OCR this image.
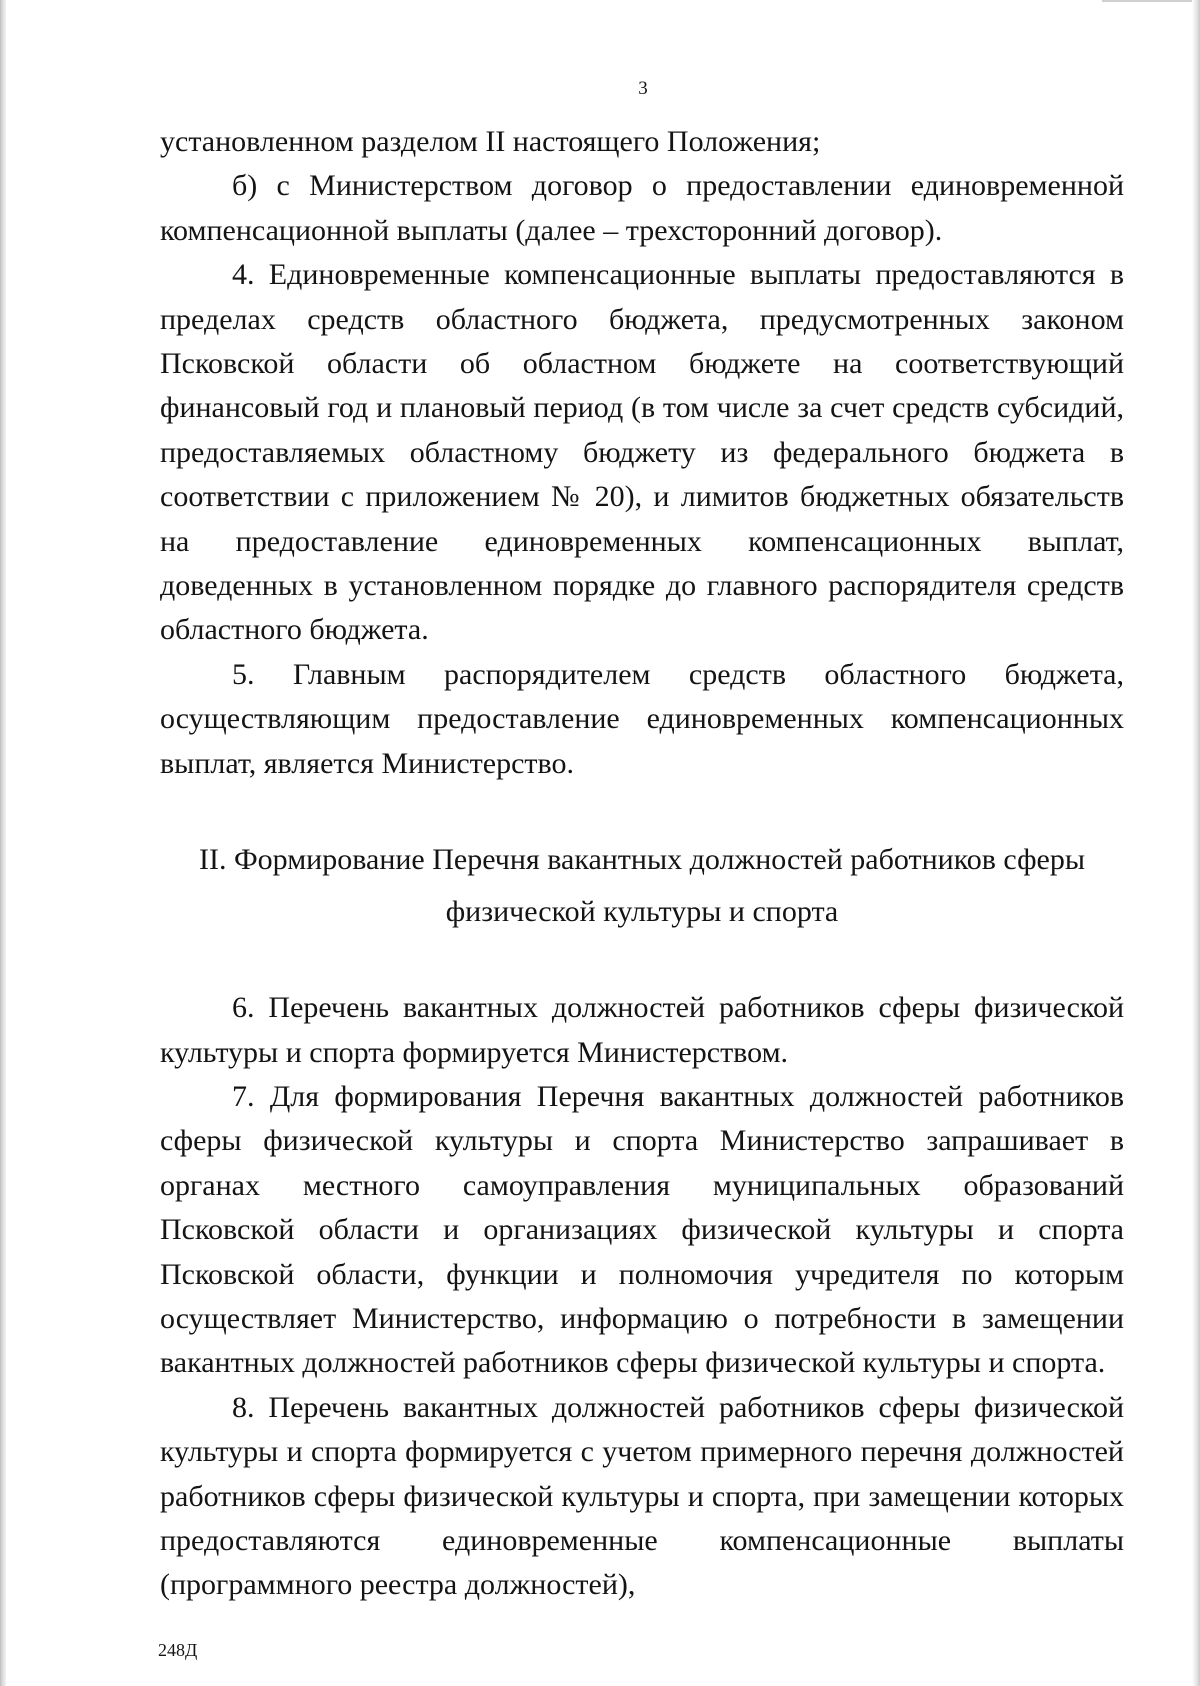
3

установленном разделом II настоящего Положения;

б) с Министерством договор о предоставлении единовременной компенсационной выплаты (далее – трехсторонний договор).

4. Единовременные компенсационные выплаты предоставляются в пределах средств областного бюджета, предусмотренных законом Псковской области об областном бюджете на соответствующий финансовый год и плановый период (в том числе за счет средств субсидий, предоставляемых областному бюджету из федерального бюджета в соответствии с приложением № 20), и лимитов бюджетных обязательств на предоставление единовременных компенсационных выплат, доведенных в установленном порядке до главного распорядителя средств областного бюджета.

5. Главным распорядителем средств областного бюджета, осуществляющим предоставление единовременных компенсационных выплат, является Министерство.

II. Формирование Перечня вакантных должностей работников сферы
физической культуры и спорта

6. Перечень вакантных должностей работников сферы физической культуры и спорта формируется Министерством.

7. Для формирования Перечня вакантных должностей работников сферы физической культуры и спорта Министерство запрашивает в органах местного самоуправления муниципальных образований Псковской области и организациях физической культуры и спорта Псковской области, функции и полномочия учредителя по которым осуществляет Министерство, информацию о потребности в замещении вакантных должностей работников сферы физической культуры и спорта.

8. Перечень вакантных должностей работников сферы физической культуры и спорта формируется с учетом примерного перечня должностей работников сферы физической культуры и спорта, при замещении которых предоставляются единовременные компенсационные выплаты (программного реестра должностей),

248Д
